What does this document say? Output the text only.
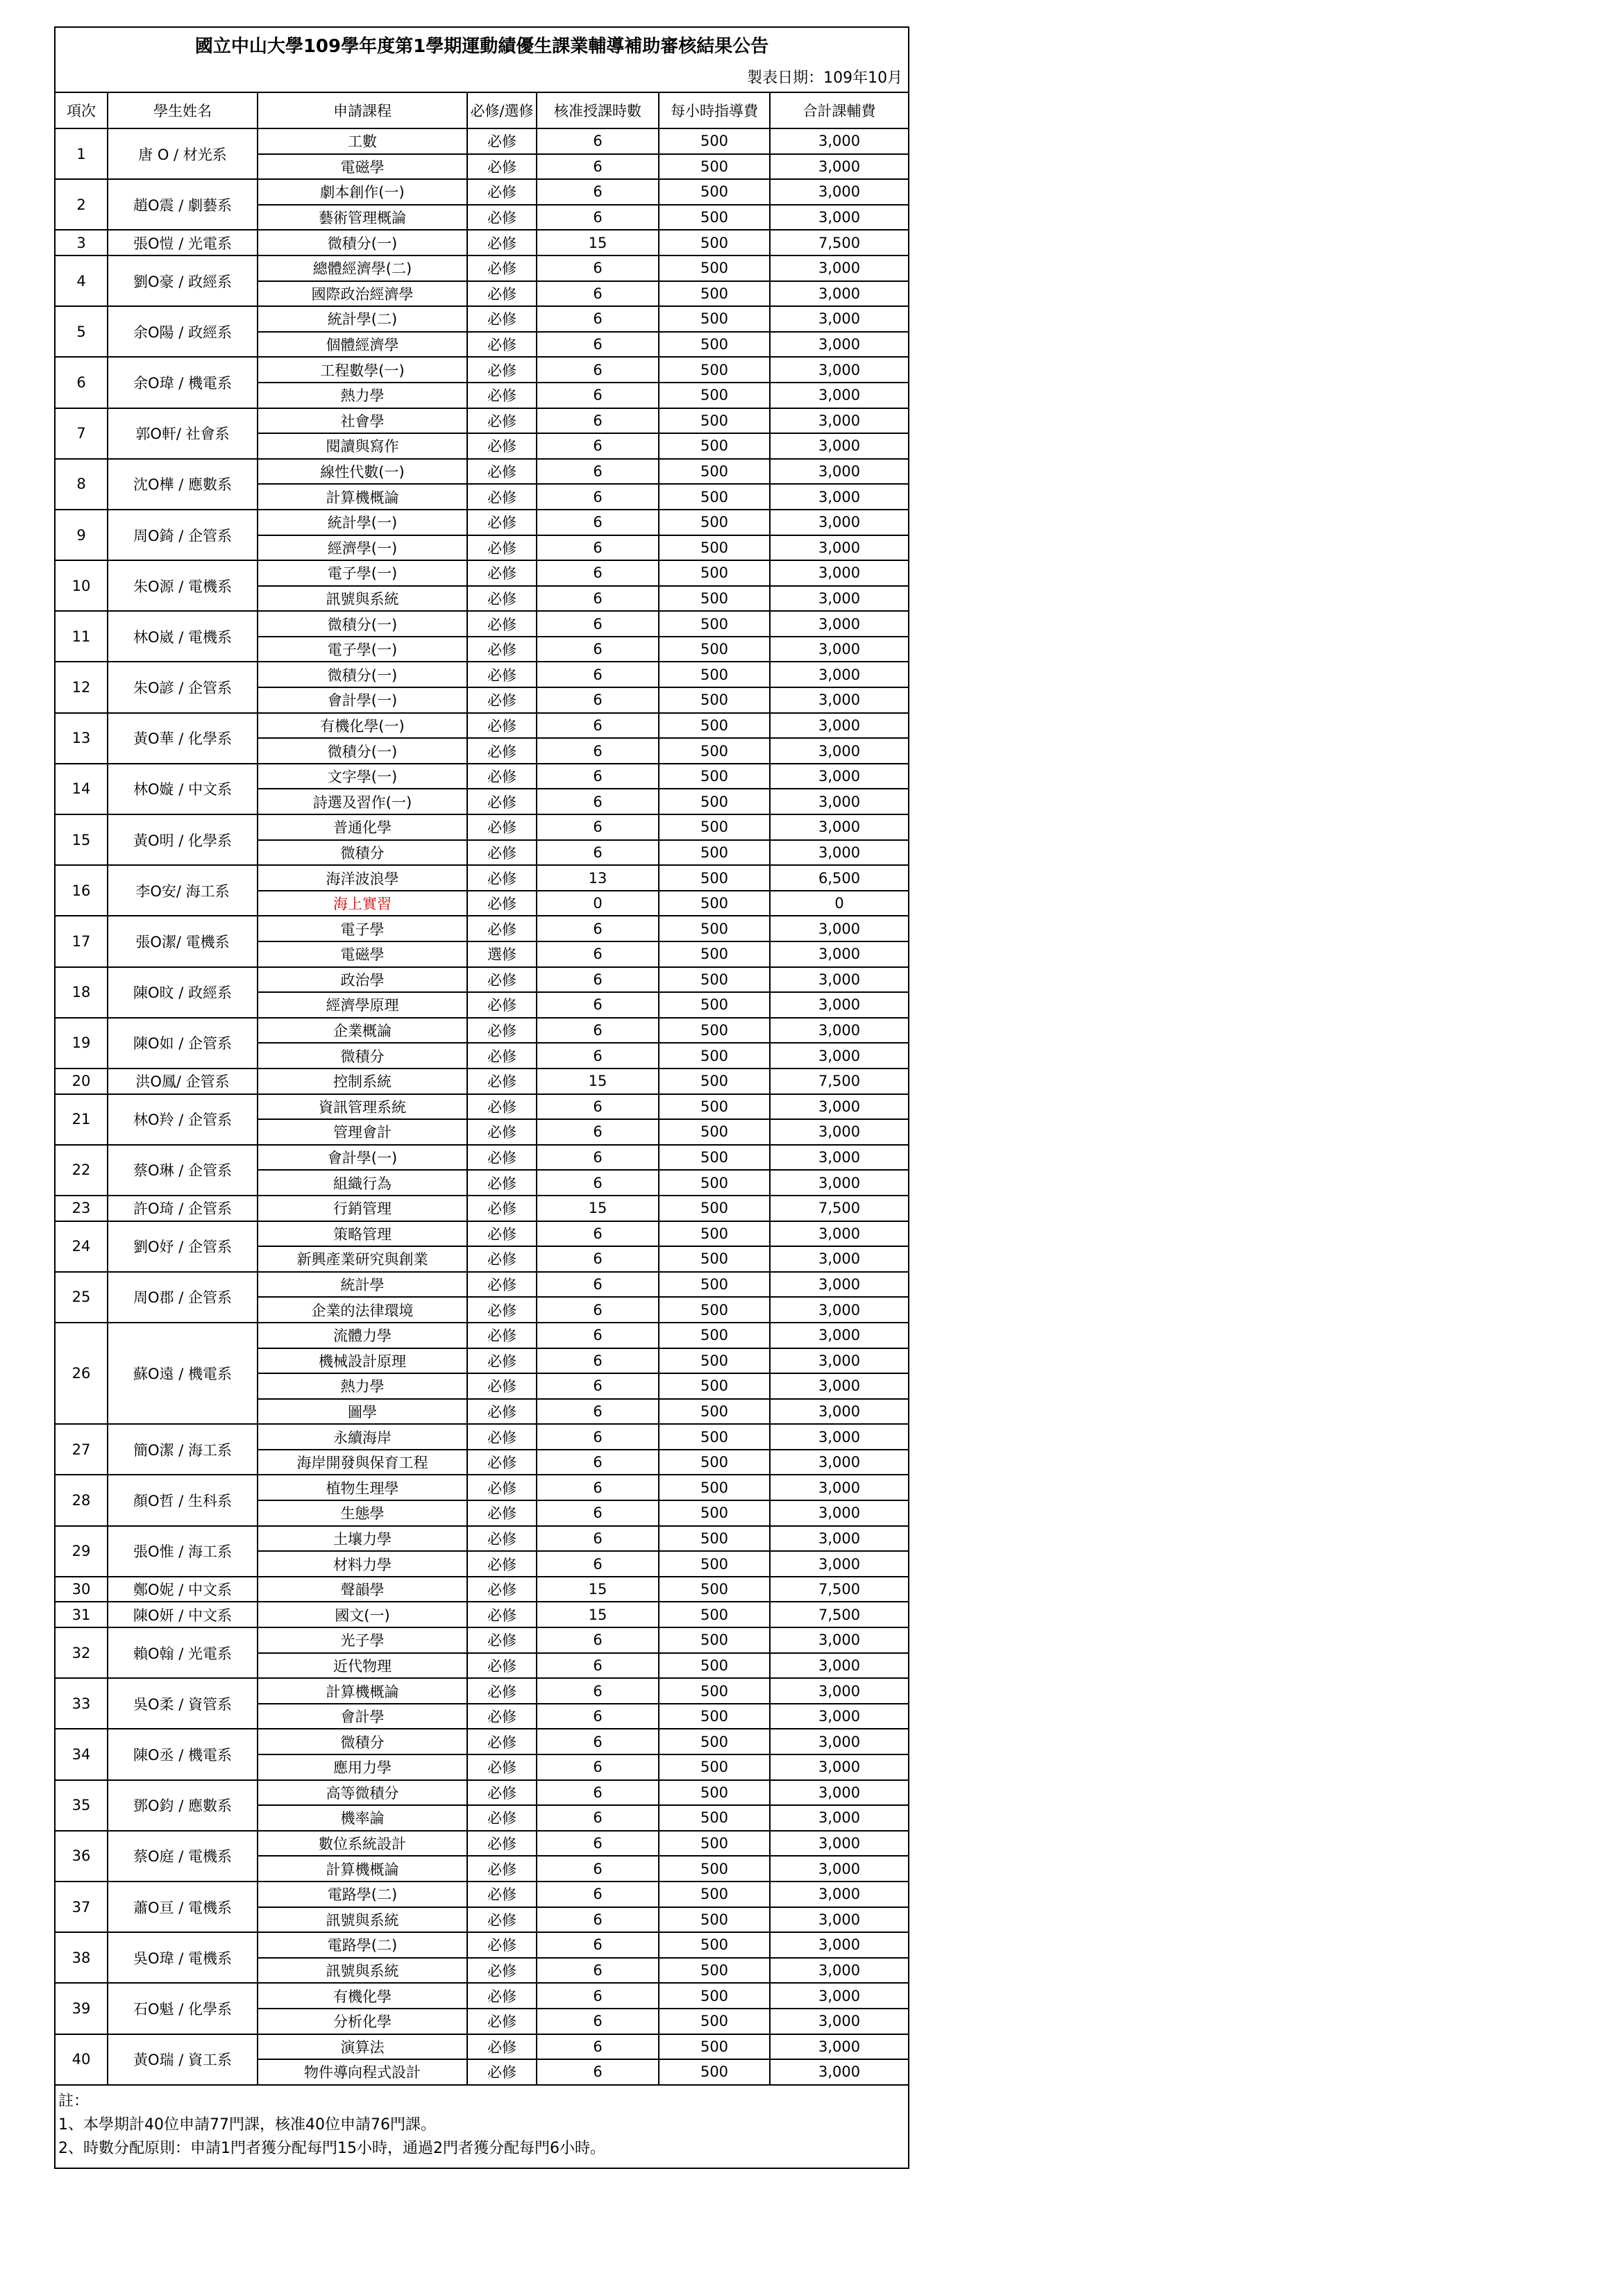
國立中山大學109學年度第1學期運動績優生課業輔導補助審核結果公告						
製表日期：109年10月						
項次	學生姓名	申請課程	必修/選修	核准授課時數	每小時指導費	合計課輔費
1	唐 O / 材光系	工數	必修	6	500	3,000
		電磁學	必修	6	500	3,000
2	趙O震 / 劇藝系	劇本創作(一)	必修	6	500	3,000
		藝術管理概論	必修	6	500	3,000
3	張O愷 / 光電系	微積分(一)	必修	15	500	7,500
4	劉O豪 / 政經系	總體經濟學(二)	必修	6	500	3,000
		國際政治經濟學	必修	6	500	3,000
5	余O陽 / 政經系	統計學(二)	必修	6	500	3,000
		個體經濟學	必修	6	500	3,000
6	余O瑋 / 機電系	工程數學(一)	必修	6	500	3,000
		熱力學	必修	6	500	3,000
7	郭O軒/ 社會系	社會學	必修	6	500	3,000
		閱讀與寫作	必修	6	500	3,000
8	沈O樺 / 應數系	線性代數(一)	必修	6	500	3,000
		計算機概論	必修	6	500	3,000
9	周O錡 / 企管系	統計學(一)	必修	6	500	3,000
		經濟學(一)	必修	6	500	3,000
10	朱O源 / 電機系	電子學(一)	必修	6	500	3,000
		訊號與系統	必修	6	500	3,000
11	林O崴 / 電機系	微積分(一)	必修	6	500	3,000
		電子學(一)	必修	6	500	3,000
12	朱O諺 / 企管系	微積分(一)	必修	6	500	3,000
		會計學(一)	必修	6	500	3,000
13	黃O華 / 化學系	有機化學(一)	必修	6	500	3,000
		微積分(一)	必修	6	500	3,000
14	林O嫙 / 中文系	文字學(一)	必修	6	500	3,000
		詩選及習作(一)	必修	6	500	3,000
15	黃O明 / 化學系	普通化學	必修	6	500	3,000
		微積分	必修	6	500	3,000
16	李O安/ 海工系	海洋波浪學	必修	13	500	6,500
		海上實習	必修	0	500	0
17	張O潔/ 電機系	電子學	必修	6	500	3,000
		電磁學	選修	6	500	3,000
18	陳O旼 / 政經系	政治學	必修	6	500	3,000
		經濟學原理	必修	6	500	3,000
19	陳O如 / 企管系	企業概論	必修	6	500	3,000
		微積分	必修	6	500	3,000
20	洪O鳳/ 企管系	控制系統	必修	15	500	7,500
21	林O羚 / 企管系	資訊管理系統	必修	6	500	3,000
		管理會計	必修	6	500	3,000
22	蔡O琳 / 企管系	會計學(一)	必修	6	500	3,000
		組織行為	必修	6	500	3,000
23	許O琦 / 企管系	行銷管理	必修	15	500	7,500
24	劉O妤 / 企管系	策略管理	必修	6	500	3,000
		新興產業研究與創業	必修	6	500	3,000
25	周O郡 / 企管系	統計學	必修	6	500	3,000
		企業的法律環境	必修	6	500	3,000
26	蘇O遠 / 機電系	流體力學	必修	6	500	3,000
		機械設計原理	必修	6	500	3,000
		熱力學	必修	6	500	3,000
		圖學	必修	6	500	3,000
27	簡O潔 / 海工系	永續海岸	必修	6	500	3,000
		海岸開發與保育工程	必修	6	500	3,000
28	顏O哲 / 生科系	植物生理學	必修	6	500	3,000
		生態學	必修	6	500	3,000
29	張O惟 / 海工系	土壤力學	必修	6	500	3,000
		材料力學	必修	6	500	3,000
30	鄭O妮 / 中文系	聲韻學	必修	15	500	7,500
31	陳O妍 / 中文系	國文(一)	必修	15	500	7,500
32	賴O翰 / 光電系	光子學	必修	6	500	3,000
		近代物理	必修	6	500	3,000
33	吳O柔 / 資管系	計算機概論	必修	6	500	3,000
		會計學	必修	6	500	3,000
34	陳O丞 / 機電系	微積分	必修	6	500	3,000
		應用力學	必修	6	500	3,000
35	鄧O鈞 / 應數系	高等微積分	必修	6	500	3,000
		機率論	必修	6	500	3,000
36	蔡O庭 / 電機系	數位系統設計	必修	6	500	3,000
		計算機概論	必修	6	500	3,000
37	蕭O亘 / 電機系	電路學(二)	必修	6	500	3,000
		訊號與系統	必修	6	500	3,000
38	吳O瑋 / 電機系	電路學(二)	必修	6	500	3,000
		訊號與系統	必修	6	500	3,000
39	石O魁 / 化學系	有機化學	必修	6	500	3,000
		分析化學	必修	6	500	3,000
40	黃O瑞 / 資工系	演算法	必修	6	500	3,000
		物件導向程式設計	必修	6	500	3,000

註：
1、本學期計40位申請77門課，核准40位申請76門課。
2、時數分配原則：申請1門者獲分配每門15小時，通過2門者獲分配每門6小時。						
